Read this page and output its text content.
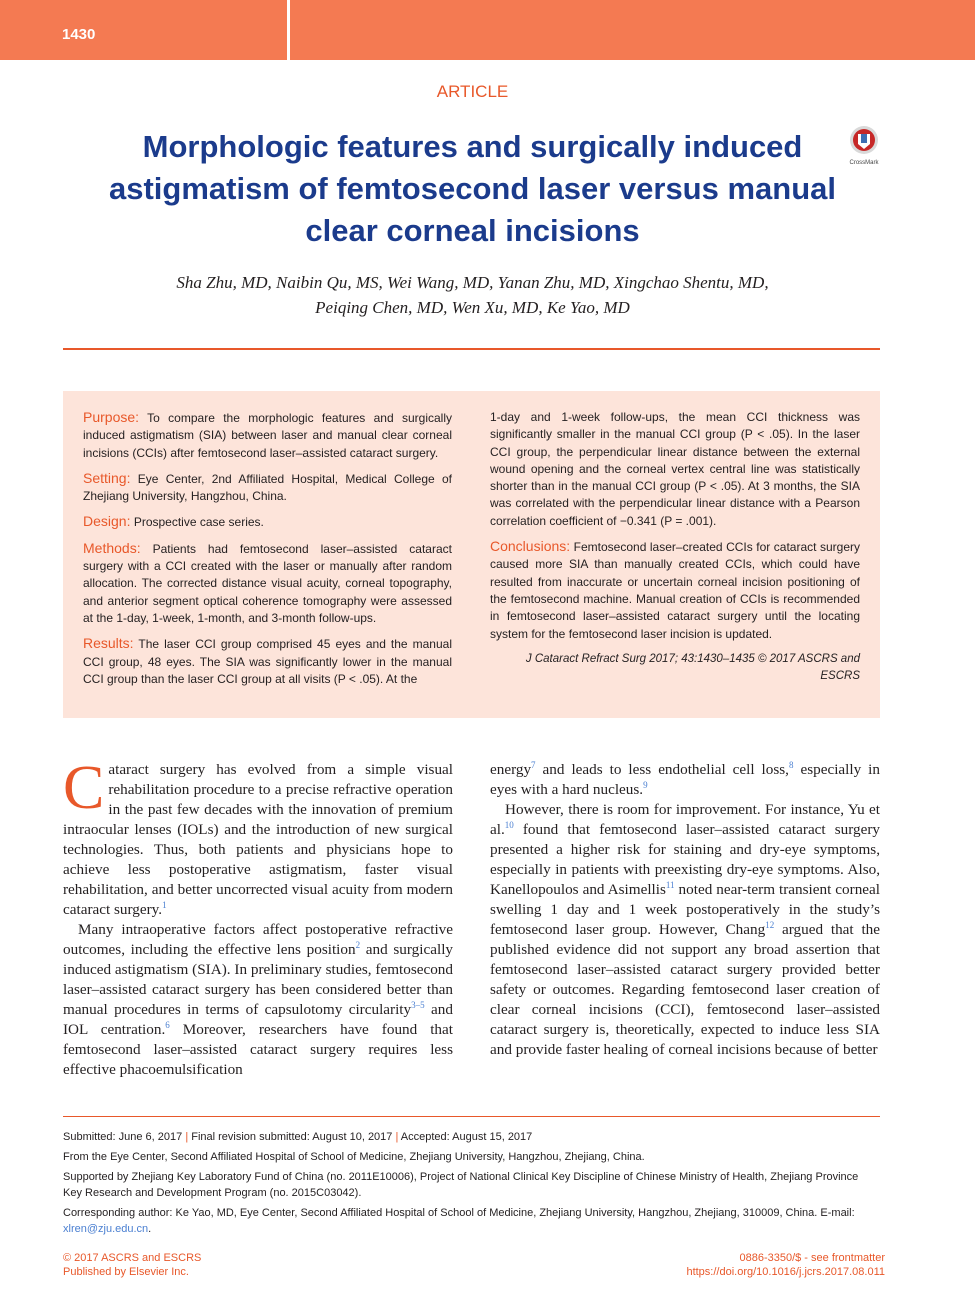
1430
ARTICLE
Morphologic features and surgically induced astigmatism of femtosecond laser versus manual clear corneal incisions
CrossMark
Sha Zhu, MD, Naibin Qu, MS, Wei Wang, MD, Yanan Zhu, MD, Xingchao Shentu, MD,
Peiqing Chen, MD, Wen Xu, MD, Ke Yao, MD

Purpose: To compare the morphologic features and surgically induced astigmatism (SIA) between laser and manual clear corneal incisions (CCIs) after femtosecond laser–assisted cataract surgery.

Setting: Eye Center, 2nd Affiliated Hospital, Medical College of Zhejiang University, Hangzhou, China.

Design: Prospective case series.

Methods: Patients had femtosecond laser–assisted cataract surgery with a CCI created with the laser or manually after random allocation. The corrected distance visual acuity, corneal topography, and anterior segment optical coherence tomography were assessed at the 1-day, 1-week, 1-month, and 3-month follow-ups.

Results: The laser CCI group comprised 45 eyes and the manual CCI group, 48 eyes. The SIA was significantly lower in the manual CCI group than the laser CCI group at all visits (P < .05). At the

1-day and 1-week follow-ups, the mean CCI thickness was significantly smaller in the manual CCI group (P < .05). In the laser CCI group, the perpendicular linear distance between the external wound opening and the corneal vertex central line was statistically shorter than in the manual CCI group (P < .05). At 3 months, the SIA was correlated with the perpendicular linear distance with a Pearson correlation coefficient of −0.341 (P = .001).

Conclusions: Femtosecond laser–created CCIs for cataract surgery caused more SIA than manually created CCIs, which could have resulted from inaccurate or uncertain corneal incision positioning of the femtosecond machine. Manual creation of CCIs is recommended in femtosecond laser–assisted cataract surgery until the locating system for the femtosecond laser incision is updated.

J Cataract Refract Surg 2017; 43:1430–1435 © 2017 ASCRS and ESCRS

Cataract surgery has evolved from a simple visual rehabilitation procedure to a precise refractive operation in the past few decades with the innovation of premium intraocular lenses (IOLs) and the introduction of new surgical technologies. Thus, both patients and physicians hope to achieve less postoperative astigmatism, faster visual rehabilitation, and better uncorrected visual acuity from modern cataract surgery.$^1$

Many intraoperative factors affect postoperative refractive outcomes, including the effective lens position$^2$ and surgically induced astigmatism (SIA). In preliminary studies, femtosecond laser–assisted cataract surgery has been considered better than manual procedures in terms of capsulotomy circularity$^{3-5}$ and IOL centration.$^6$ Moreover, researchers have found that femtosecond laser–assisted cataract surgery requires less effective phacoemulsification

energy$^7$ and leads to less endothelial cell loss,$^8$ especially in eyes with a hard nucleus.$^9$

However, there is room for improvement. For instance, Yu et al.$^{10}$ found that femtosecond laser–assisted cataract surgery presented a higher risk for staining and dry-eye symptoms, especially in patients with preexisting dry-eye symptoms. Also, Kanellopoulos and Asimellis$^{11}$ noted near-term transient corneal swelling 1 day and 1 week postoperatively in the study’s femtosecond laser group. However, Chang$^{12}$ argued that the published evidence did not support any broad assertion that femtosecond laser–assisted cataract surgery provided better safety or outcomes. Regarding femtosecond laser creation of clear corneal incisions (CCI), femtosecond laser–assisted cataract surgery is, theoretically, expected to induce less SIA and provide faster healing of corneal incisions because of better

Submitted: June 6, 2017 | Final revision submitted: August 10, 2017 | Accepted: August 15, 2017

From the Eye Center, Second Affiliated Hospital of School of Medicine, Zhejiang University, Hangzhou, Zhejiang, China.

Supported by Zhejiang Key Laboratory Fund of China (no. 2011E10006), Project of National Clinical Key Discipline of Chinese Ministry of Health, Zhejiang Province Key Research and Development Program (no. 2015C03042).

Corresponding author: Ke Yao, MD, Eye Center, Second Affiliated Hospital of School of Medicine, Zhejiang University, Hangzhou, Zhejiang, 310009, China. E-mail: xlren@zju.edu.cn.

© 2017 ASCRS and ESCRS
Published by Elsevier Inc.
0886-3350/$ - see frontmatter
https://doi.org/10.1016/j.jcrs.2017.08.011
